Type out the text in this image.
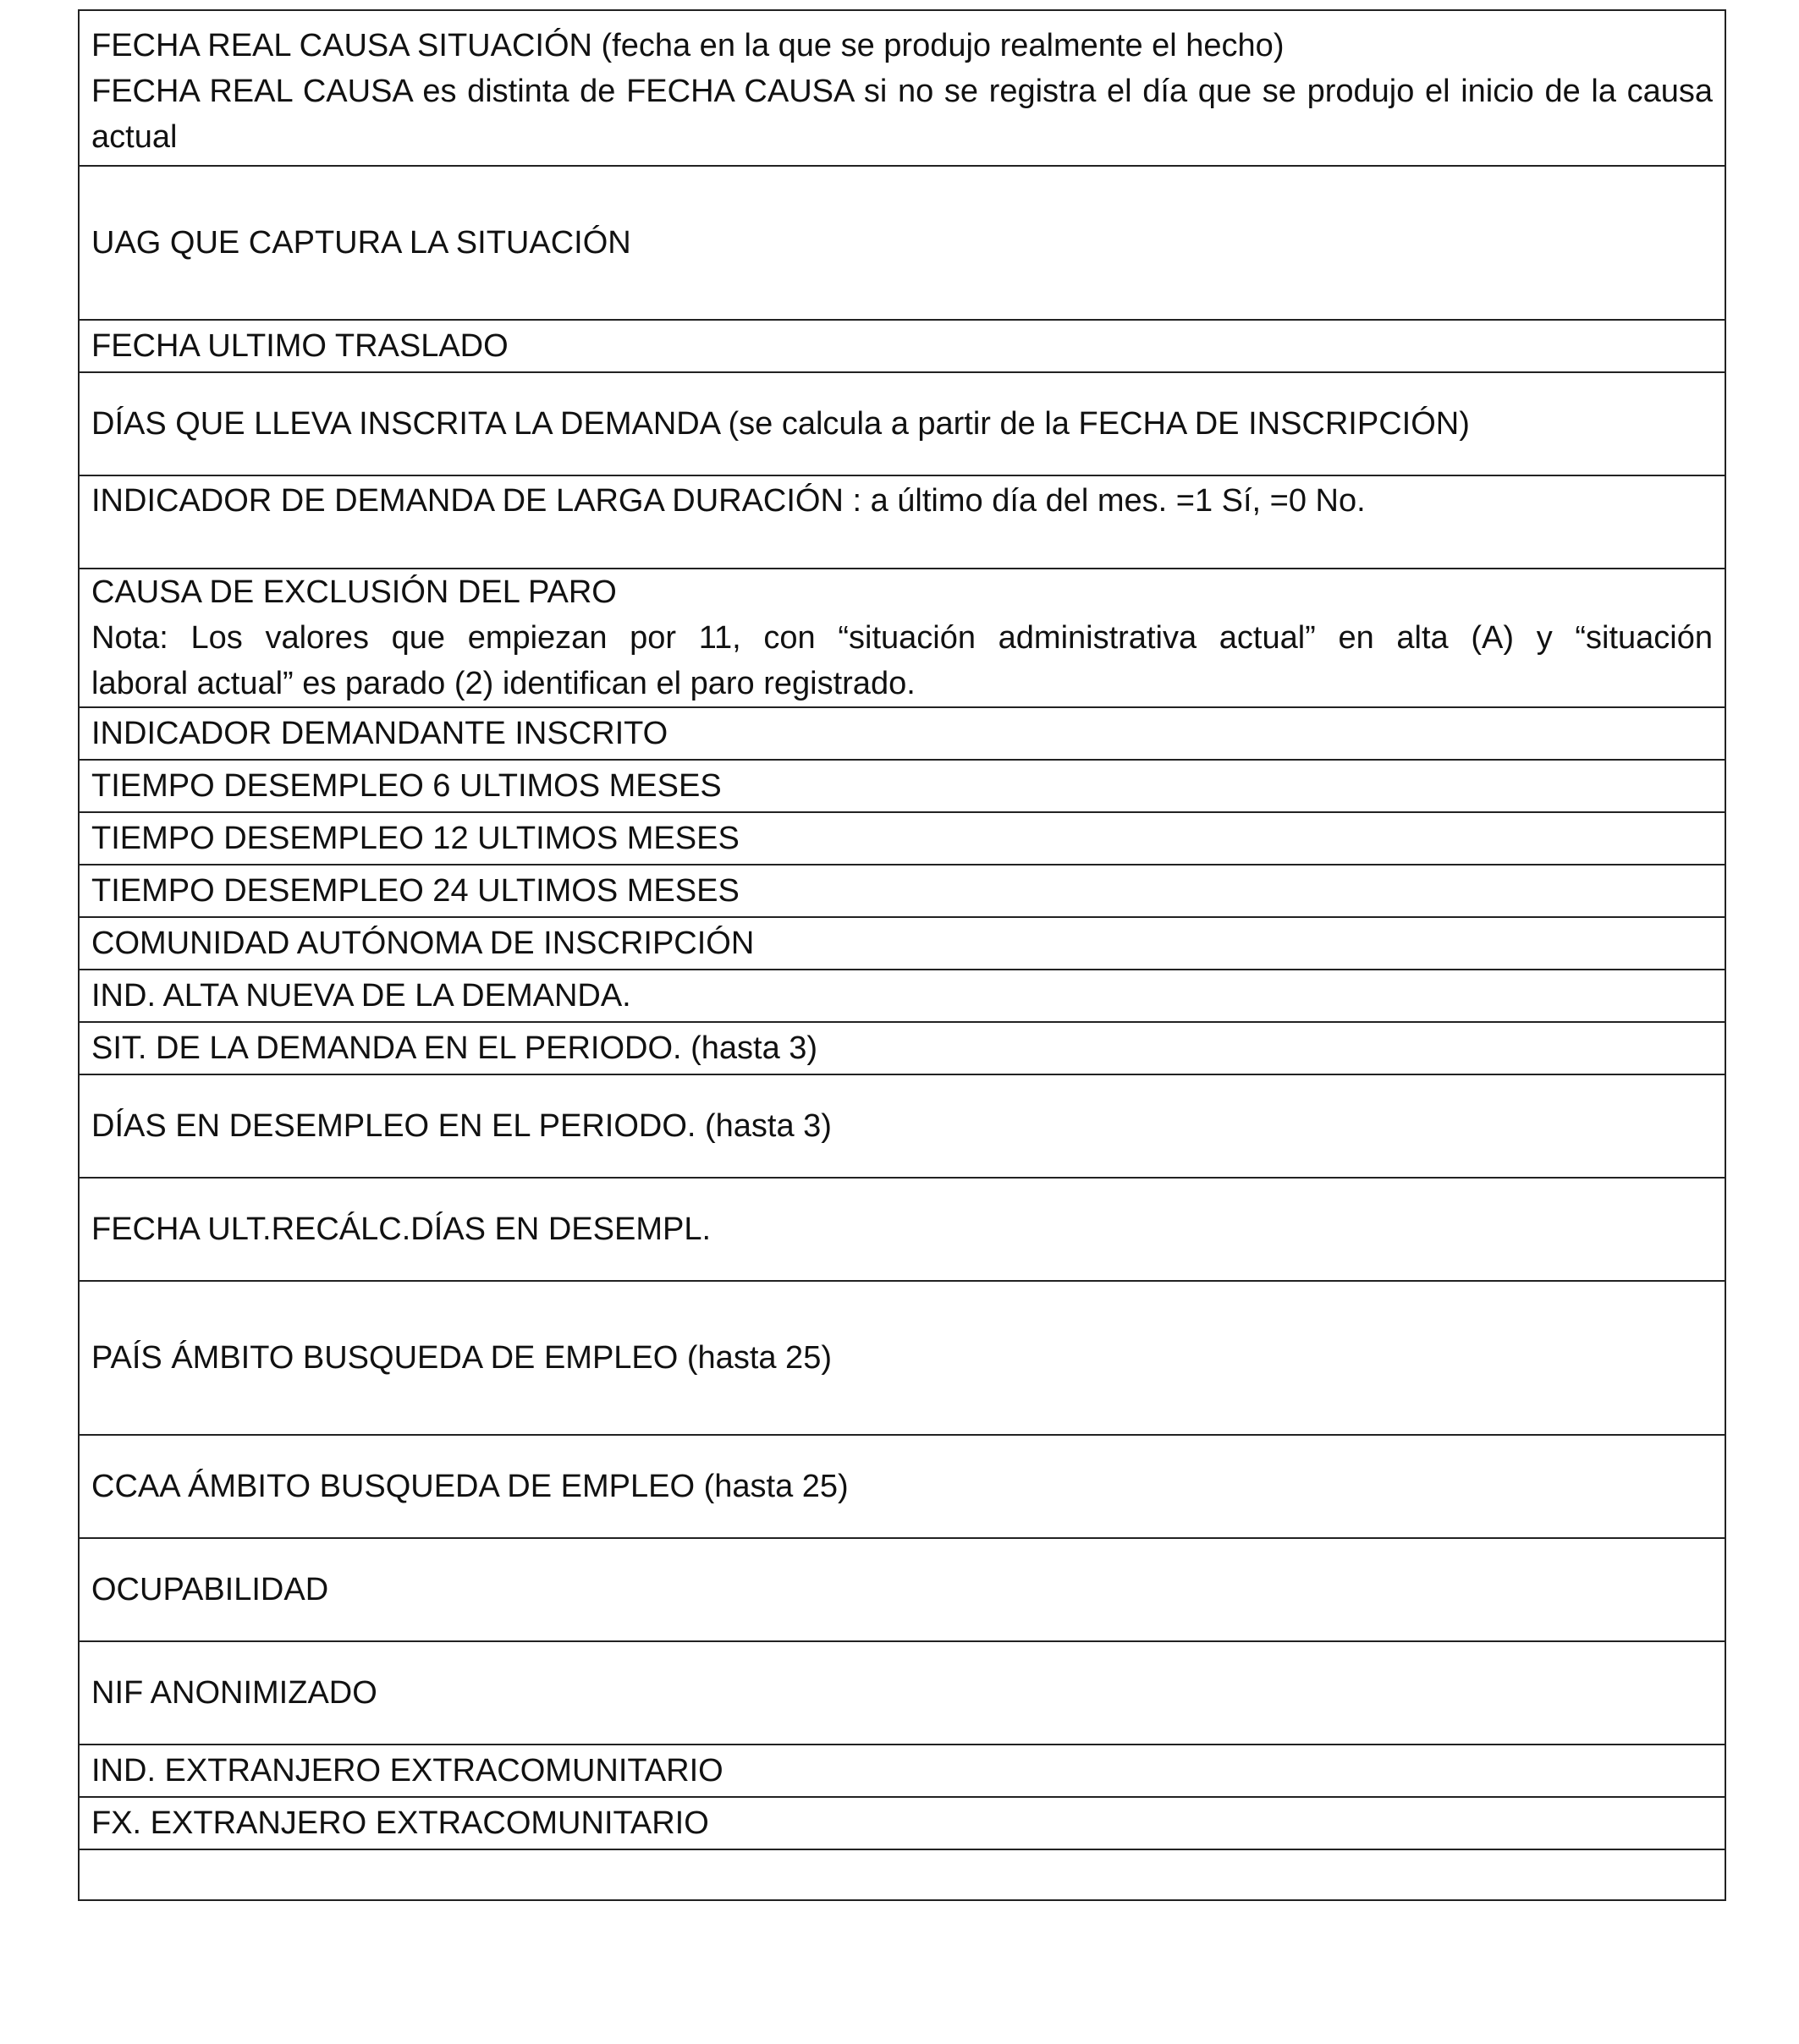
FECHA REAL CAUSA SITUACIÓN (fecha en la que se produjo realmente el hecho)
FECHA REAL CAUSA es distinta de FECHA CAUSA si no se registra el día que se produjo el inicio de la causa
actual
UAG QUE CAPTURA LA SITUACIÓN
FECHA ULTIMO TRASLADO
DÍAS QUE LLEVA INSCRITA LA DEMANDA (se calcula a partir de la FECHA DE INSCRIPCIÓN)
INDICADOR DE DEMANDA DE LARGA DURACIÓN : a último día del mes. =1 Sí, =0 No.
CAUSA DE EXCLUSIÓN DEL PARO
Nota: Los valores que empiezan por 11, con “situación administrativa actual” en alta (A) y “situación
laboral actual” es parado (2) identifican el paro registrado.
INDICADOR DEMANDANTE INSCRITO
TIEMPO DESEMPLEO 6 ULTIMOS MESES
TIEMPO DESEMPLEO 12 ULTIMOS MESES
TIEMPO DESEMPLEO 24 ULTIMOS MESES
COMUNIDAD AUTÓNOMA DE INSCRIPCIÓN
IND. ALTA NUEVA DE LA DEMANDA.
SIT. DE LA DEMANDA EN EL PERIODO. (hasta 3)
DÍAS EN DESEMPLEO EN EL PERIODO. (hasta 3)
FECHA ULT.RECÁLC.DÍAS EN DESEMPL.
PAÍS ÁMBITO BUSQUEDA DE EMPLEO (hasta 25)
CCAA ÁMBITO BUSQUEDA DE EMPLEO (hasta 25)
OCUPABILIDAD
NIF ANONIMIZADO
IND. EXTRANJERO EXTRACOMUNITARIO
FX. EXTRANJERO EXTRACOMUNITARIO
